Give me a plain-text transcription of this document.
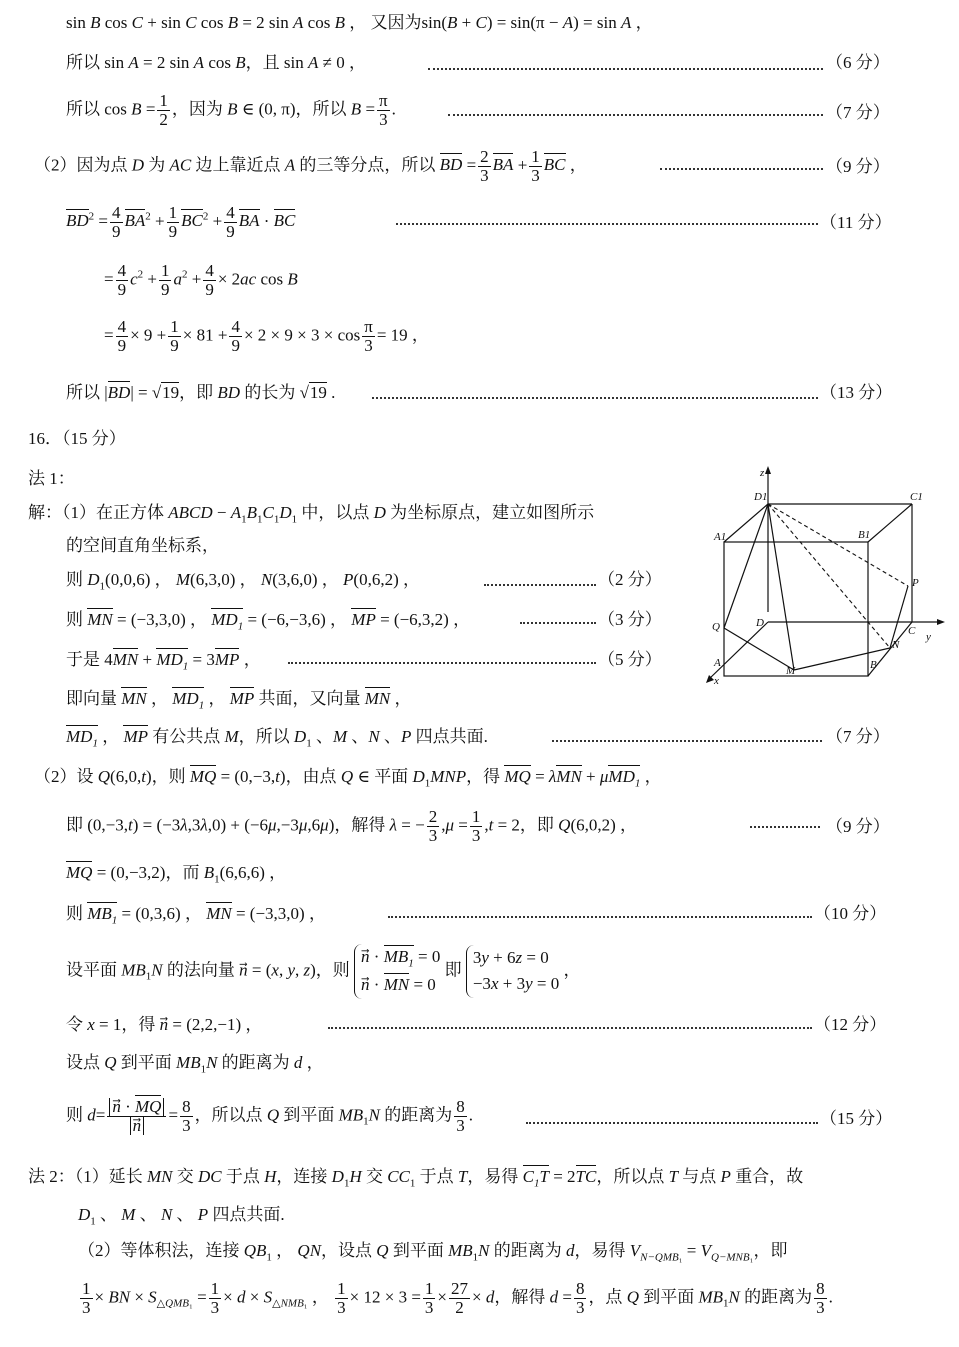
sin B cos C + sin C cos B = 2 sin A cos B ， 又因为sin(B + C) = sin(π − A) = sin A ，
所以 sin A = 2 sin A cos B，且 sin A ≠ 0 ，	（6 分）
所以 $\cos B = \frac{1}{2}$ ，因为 B ∈ (0, π)，所以 $B = \frac{\pi}{3}$ .	（7 分）
（2）因为点 D 为 AC 边上靠近点 A 的三等分点，所以 BD = $\frac{2}{3}$ BA + $\frac{1}{3}$ BC ，	（9 分）
$BD^2 = \frac{4}{9} BA^2 + \frac{1}{9} BC^2 + \frac{4}{9}$ BA · BC	（11 分）
= $\frac{4}{9} c^2 + \frac{1}{9} a^2 + \frac{4}{9} \times 2ac$ cos B
= $\frac{4}{9} \times 9 + \frac{1}{9} \times 81 + \frac{4}{9} \times 2 \times 9 \times 3 \times \cos \frac{\pi}{3} = 19$ ，
所以 |BD| = √19，即 BD 的长为 √19 .	（13 分）
16．（15 分）
法 1：
解：（1）在正方体 ABCD − $A_1B_1C_1D_1$ 中，以点 D 为坐标原点，建立如图所示
的空间直角坐标系，
则 $D_1(0,0,6)$ ， M(6,3,0) ， N(3,6,0) ， P(0,6,2) ，	（2 分）
则 MN = (−3,3,0) ， $MD_1 = (-6,-3,6)$ ， MP = (−6,3,2) ，	（3 分）
于是 $4MN + MD_1 = 3MP$ ，	（5 分）
即向量 MN ， $MD_1$ ， MP 共面，又向量 MN ，
$MD_1$ ， MP 有公共点 M，所以 $D_1$ 、M 、N 、P 四点共面.	（7 分）
z
D1	C1
A1	B1
P
Q	D
C y
A
N
B
M
x
（2）设 Q(6,0,t)，则 MQ = (0,−3,t)，由点 Q ∈ 平面 $D_1MNP$，得 MQ = λMN + μMD$_1$ ，
即 (0,−3,t) = (−3λ,3λ,0) + (−6μ,−3μ,6μ)，解得 λ = − $\frac{2}{3} ,\mu = \frac{1}{3} ,t = 2$，即 Q(6,0,2) ，	（9 分）
MQ = (0,−3,2)，而 $B_1(6,6,6)$ ，
则 $MB_1 = (0,3,6)$ ， MN = (−3,3,0) ，	（10 分）
设平面 $MB_1N$ 的法向量 n⃗ = (x, y, z)，则 n⃗ · $MB_1 = 0$
n⃗ · MN = 0 即 3y + 6z = 0
−3x + 3y = 0 ，
令 x = 1，得 n⃗ = (2,2,−1) ，	（12 分）
设点 Q 到平面 $MB_1N$ 的距离为 d ，
则 $d= \frac{n⃗ \cdot MQ}{n} = \frac{8}{3}$ ，所以点 Q 到平面 $MB_1N$ 的距离为 $\frac{8}{3}$ .	（15 分）
法 2：（1）延长 MN 交 DC 于点 H，连接 $D_1H$ 交 $CC_1$ 于点 T，易得 $C_1T = 2TC$，所以点 T 与点 P 重合，故
$D_1$ 、 M 、 N 、 P 四点共面.
（2）等体积法，连接 $QB_1$ ， QN，设点 Q 到平面 $MB_1N$ 的距离为 d，易得 $V_{N-QMB_1} = V_{Q-MNB_1}$，即
$\frac{1}{3}$ × BN × $S_{\triangle QMB_1} = \frac{1}{3} \times d \times S_{\triangle NMB_1}$ ， $\frac{1}{3} \times 12 \times 3 = \frac{1}{3} \times \frac{27}{2} \times d$，解得 $d = \frac{8}{3}$ ，点 Q 到平面 $MB_1N$ 的距离为 $\frac{8}{3}$ .
